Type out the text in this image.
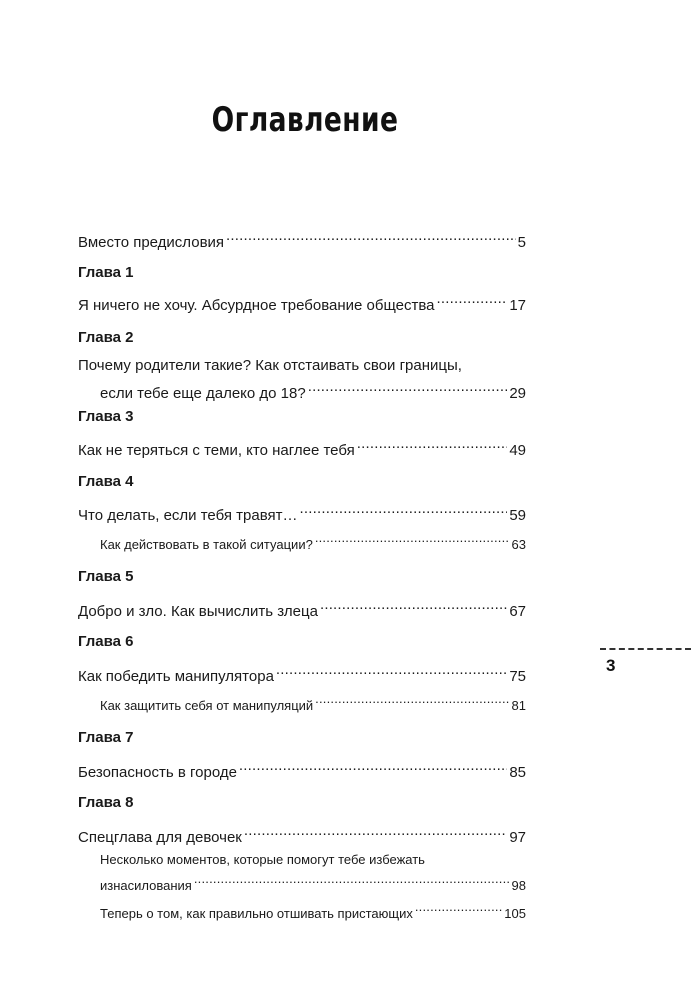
Оглавление
Вместо предисловия .....	5
Глава 1
Я ничего не хочу. Абсурдное требование общества .....	17
Глава 2
Почему родители такие? Как отстаивать свои границы,
если тебе еще далеко до 18? .....	29
Глава 3
Как не теряться с теми, кто наглее тебя .....	49
Глава 4
Что делать, если тебя травят… .....	59
Как действовать в такой ситуации? .....	63
Глава 5
Добро и зло. Как вычислить злеца .....	67
Глава 6
Как победить манипулятора .....	75
Как защитить себя от манипуляций .....	81
Глава 7
Безопасность в городе .....	85
Глава 8
Спецглава для девочек .....	97
Несколько моментов, которые помогут тебе избежать
изнасилования .....	98
Теперь о том, как правильно отшивать пристающих .....	105
3
